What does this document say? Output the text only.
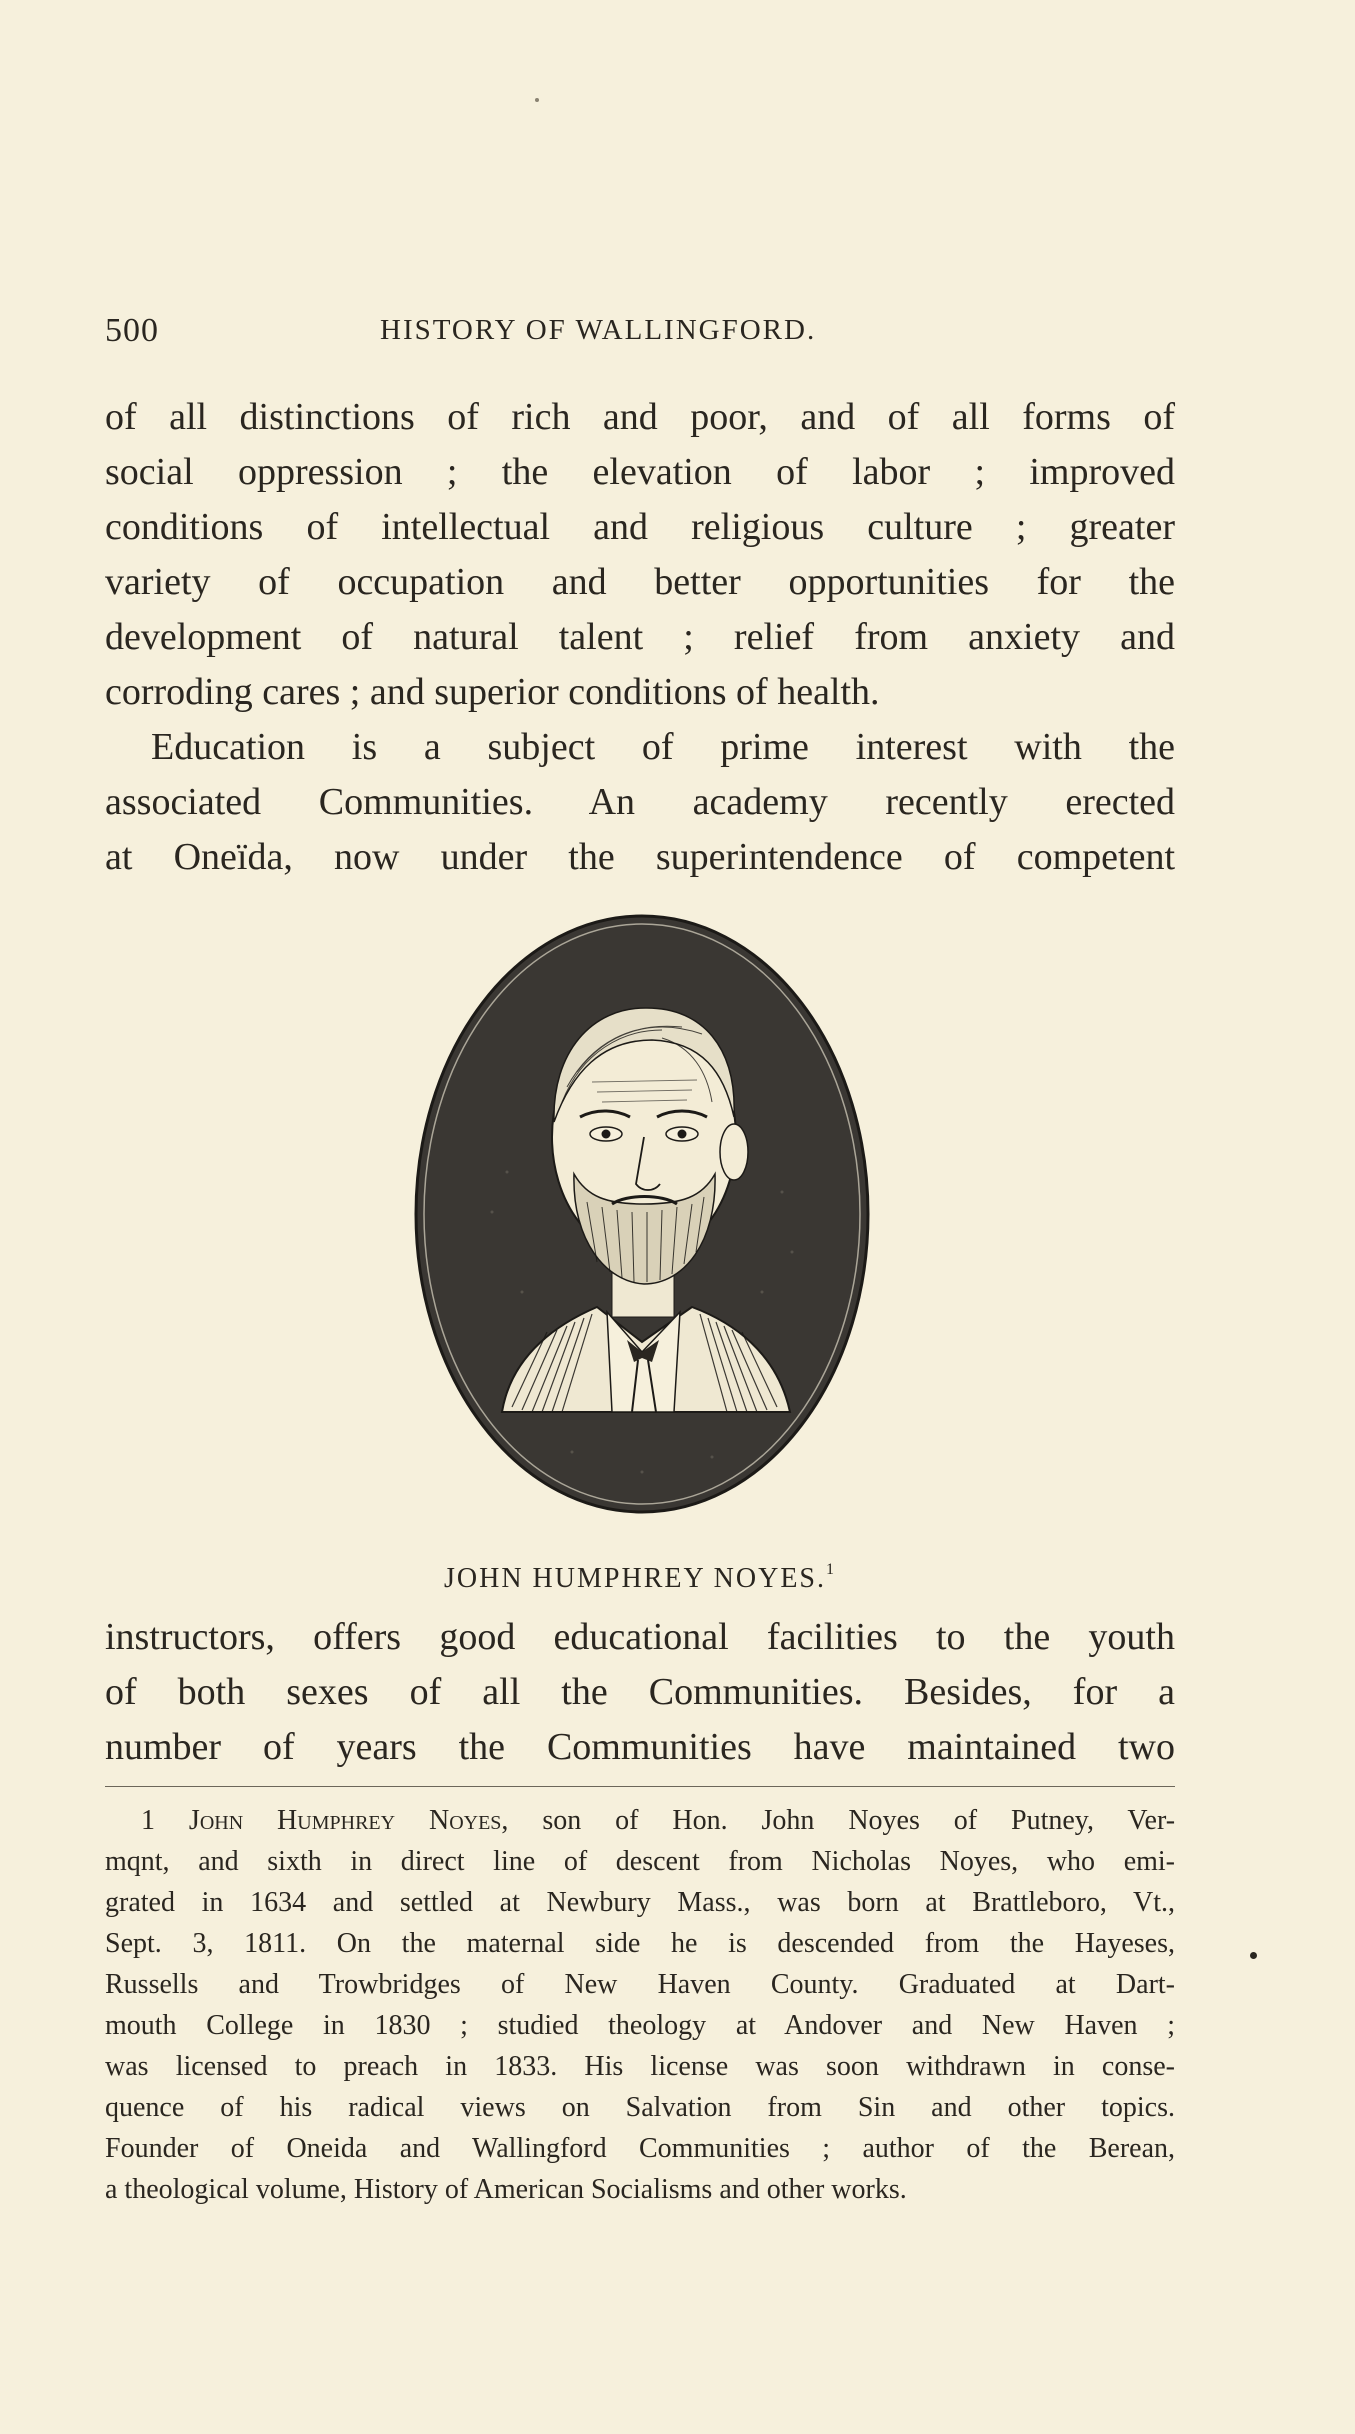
500	HISTORY OF WALLINGFORD.

of all distinctions of rich and poor, and of all forms of
social oppression ; the elevation of labor ; improved
conditions of intellectual and religious culture ; greater
variety of occupation and better opportunities for the
development of natural talent ; relief from anxiety and
corroding cares ; and superior conditions of health.

Education is a subject of prime interest with the
associated Communities. An academy recently erected
at Oneïda, now under the superintendence of competent

JOHN HUMPHREY NOYES.$^1$

instructors, offers good educational facilities to the youth
of both sexes of all the Communities. Besides, for a
number of years the Communities have maintained two

1 John Humphrey Noyes, son of Hon. John Noyes of Putney, Ver-
mqnt, and sixth in direct line of descent from Nicholas Noyes, who emi-
grated in 1634 and settled at Newbury Mass., was born at Brattleboro, Vt.,
Sept. 3, 1811. On the maternal side he is descended from the Hayeses,
Russells and Trowbridges of New Haven County. Graduated at Dart-
mouth College in 1830 ; studied theology at Andover and New Haven ;
was licensed to preach in 1833. His license was soon withdrawn in conse-
quence of his radical views on Salvation from Sin and other topics.
Founder of Oneida and Wallingford Communities ; author of the Berean,
a theological volume, History of American Socialisms and other works.
